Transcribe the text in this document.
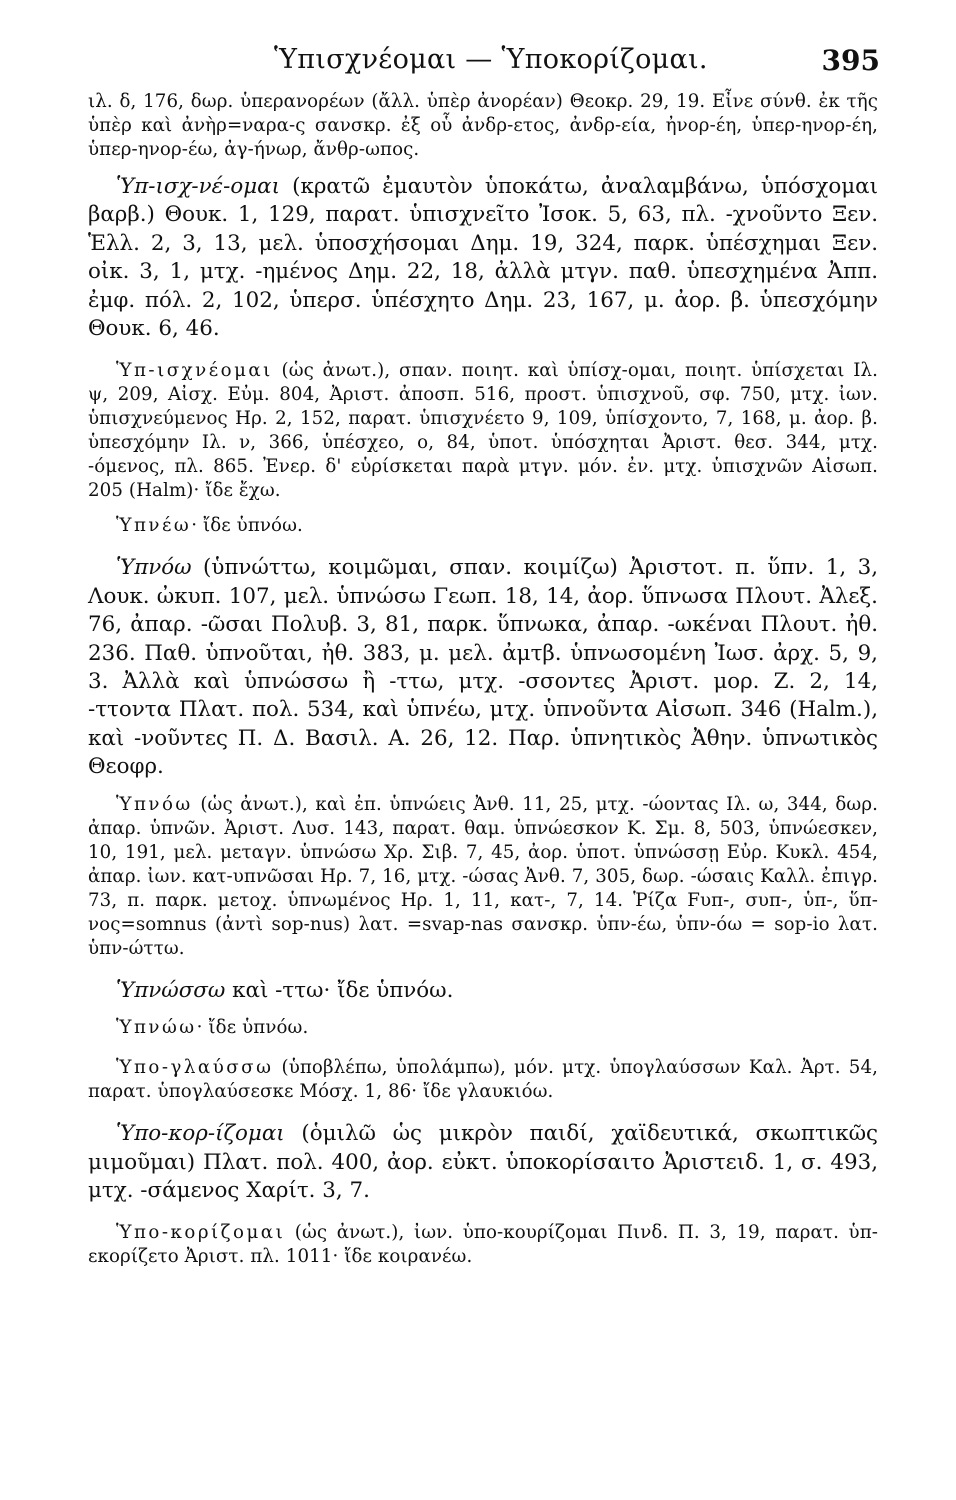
Ὑπισχνέομαι — Ὑποκορίζομαι.	395

ιλ. δ, 176, δωρ. ὑπερανορέων (ἄλλ. ὑπὲρ ἀνορέαν) Θεοκρ. 29, 19. Εἶνε σύνθ. ἐκ τῆς ὑπὲρ καὶ ἀνὴρ=ναρα-ς σανσκρ. ἐξ οὗ ἀνδρ-ετος, ἀνδρ-εία, ἠνορ-έη, ὑπερ-ηνορ-έη, ὑπερ-ηνορ-έω, ἀγ-ήνωρ, ἄνθρ-ωπος.

Ὑπ-ισχ-νέ-ομαι (κρατῶ ἐμαυτὸν ὑποκάτω, ἀναλαμβάνω, ὑπόσχομαι βαρβ.) Θουκ. 1, 129, παρατ. ὑπισχνεῖτο Ἰσοκ. 5, 63, πλ. -χνοῦντο Ξεν. Ἑλλ. 2, 3, 13, μελ. ὑποσχήσομαι Δημ. 19, 324, παρκ. ὑπέσχημαι Ξεν. οἰκ. 3, 1, μτχ. -ημένος Δημ. 22, 18, ἀλλὰ μτγν. παθ. ὑπεσχημένα Ἀππ. ἐμφ. πόλ. 2, 102, ὑπερσ. ὑπέσχητο Δημ. 23, 167, μ. ἀορ. β. ὑπεσχόμην Θουκ. 6, 46.

Ὑπ-ισχνέομαι (ὡς ἀνωτ.), σπαν. ποιητ. καὶ ὑπίσχ-ομαι, ποιητ. ὑπίσχεται Ιλ. ψ, 209, Αἰσχ. Εὐμ. 804, Ἀριστ. ἀποσπ. 516, προστ. ὑπισχνοῦ, σφ. 750, μτχ. ἰων. ὑπισχνεύμενος Ηρ. 2, 152, παρατ. ὑπισχνέετο 9, 109, ὑπίσχοντο, 7, 168, μ. ἀορ. β. ὑπεσχόμην Ιλ. ν, 366, ὑπέσχεο, ο, 84, ὑποτ. ὑπόσχηται Ἀριστ. θεσ. 344, μτχ. -όμενος, πλ. 865. Ἐνερ. δ' εὑρίσκεται παρὰ μτγν. μόν. ἐν. μτχ. ὑπισχνῶν Αἰσωπ. 205 (Halm)· ἴδε ἔχω.

Ὑπνέω· ἴδε ὑπνόω.

Ὑπνόω (ὑπνώττω, κοιμῶμαι, σπαν. κοιμίζω) Ἀριστοτ. π. ὕπν. 1, 3, Λουκ. ὠκυπ. 107, μελ. ὑπνώσω Γεωπ. 18, 14, ἀορ. ὕπνωσα Πλουτ. Ἀλεξ. 76, ἀπαρ. -ῶσαι Πολυβ. 3, 81, παρκ. ὕπνωκα, ἀπαρ. -ωκέναι Πλουτ. ἠθ. 236. Παθ. ὑπνοῦται, ἠθ. 383, μ. μελ. ἀμτβ. ὑπνωσομένη Ἰωσ. ἀρχ. 5, 9, 3. Ἀλλὰ καὶ ὑπνώσσω ἢ -ττω, μτχ. -σσοντες Ἀριστ. μορ. Ζ. 2, 14, -ττοντα Πλατ. πολ. 534, καὶ ὑπνέω, μτχ. ὑπνοῦντα Αἰσωπ. 346 (Halm.), καὶ -νοῦντες Π. Δ. Βασιλ. Α. 26, 12. Παρ. ὑπνητικὸς Ἀθην. ὑπνωτικὸς Θεοφρ.

Ὑπνόω (ὡς ἀνωτ.), καὶ ἐπ. ὑπνώεις Ἀνθ. 11, 25, μτχ. -ώοντας Ιλ. ω, 344, δωρ. ἀπαρ. ὑπνῶν. Ἀριστ. Λυσ. 143, παρατ. θαμ. ὑπνώεσκον Κ. Σμ. 8, 503, ὑπνώεσκεν, 10, 191, μελ. μεταγν. ὑπνώσω Χρ. Σιβ. 7, 45, ἀορ. ὑποτ. ὑπνώσσῃ Εὐρ. Κυκλ. 454, ἀπαρ. ἰων. κατ-υπνῶσαι Ηρ. 7, 16, μτχ. -ώσας Ἀνθ. 7, 305, δωρ. -ώσαις Καλλ. ἐπιγρ. 73, π. παρκ. μετοχ. ὑπνωμένος Ηρ. 1, 11, κατ-, 7, 14. Ῥίζα Fυπ-, συπ-, ὑπ-, ὕπ-νος=somnus (ἀντὶ sop-nus) λατ. =svap-nas σανσκρ. ὑπν-έω, ὑπν-όω = sop-io λατ. ὑπν-ώττω.

Ὑπνώσσω καὶ -ττω· ἴδε ὑπνόω.

Ὑπνώω· ἴδε ὑπνόω.

Ὑπο-γλαύσσω (ὑποβλέπω, ὑπολάμπω), μόν. μτχ. ὑπογλαύσσων Καλ. Ἀρτ. 54, παρατ. ὑπογλαύσεσκε Μόσχ. 1, 86· ἴδε γλαυκιόω.

Ὑπο-κορ-ίζομαι (ὁμιλῶ ὡς μικρὸν παιδί, χαϊδευτικά, σκωπτικῶς μιμοῦμαι) Πλατ. πολ. 400, ἀορ. εὐκτ. ὑποκορίσαιτο Ἀριστειδ. 1, σ. 493, μτχ. -σάμενος Χαρίτ. 3, 7.

Ὑπο-κορίζομαι (ὡς ἀνωτ.), ἰων. ὑπο-κουρίζομαι Πινδ. Π. 3, 19, παρατ. ὑπ-εκορίζετο Ἀριστ. πλ. 1011· ἴδε κοιρανέω.
